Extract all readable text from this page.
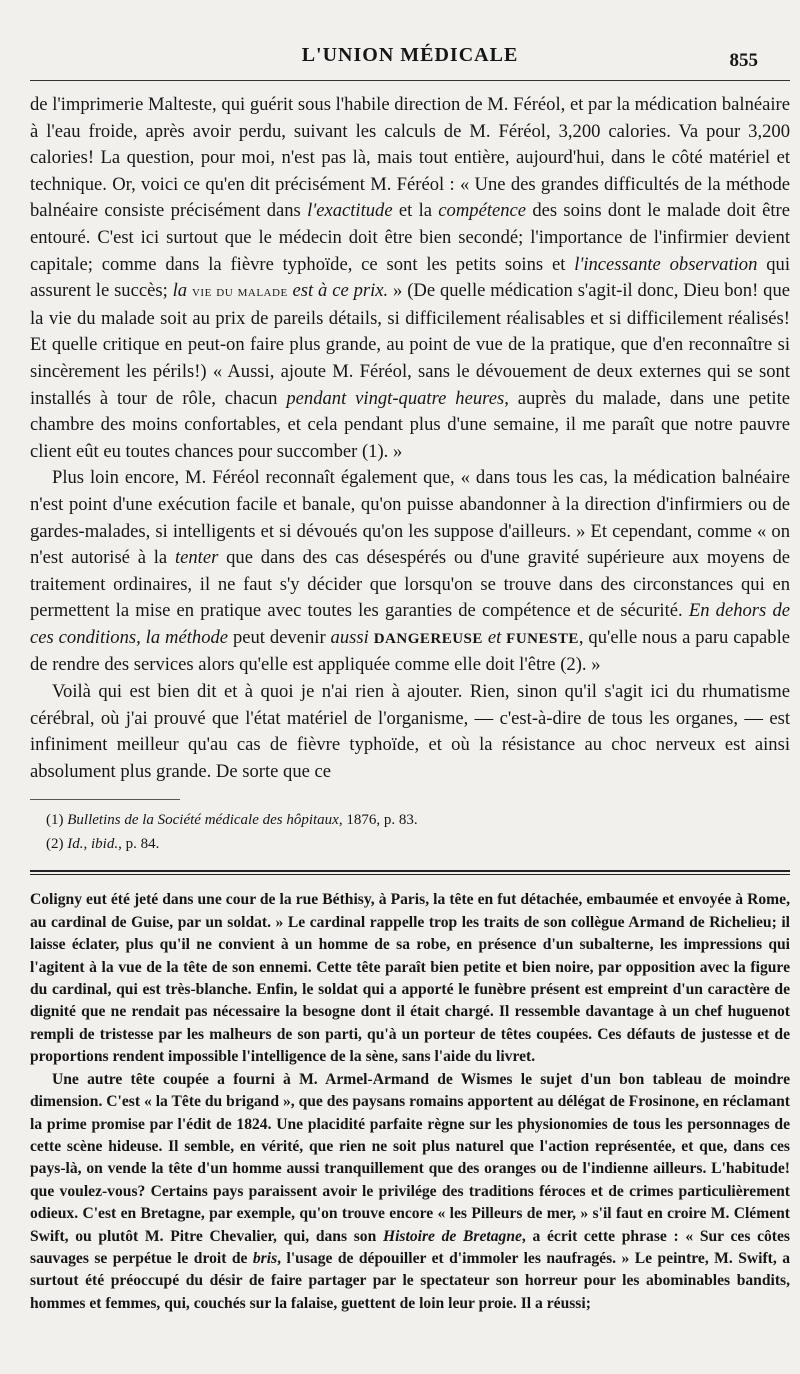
L'UNION MÉDICALE	855

de l'imprimerie Malteste, qui guérit sous l'habile direction de M. Féréol, et par la médication balnéaire à l'eau froide, après avoir perdu, suivant les calculs de M. Féréol, 3,200 calories. Va pour 3,200 calories! La question, pour moi, n'est pas là, mais tout entière, aujourd'hui, dans le côté matériel et technique. Or, voici ce qu'en dit précisément M. Féréol : « Une des grandes difficultés de la méthode balnéaire consiste précisément dans l'exactitude et la compétence des soins dont le malade doit être entouré. C'est ici surtout que le médecin doit être bien secondé; l'importance de l'infirmier devient capitale; comme dans la fièvre typhoïde, ce sont les petits soins et l'incessante observation qui assurent le succès; la vie du malade est à ce prix. » (De quelle médication s'agit-il donc, Dieu bon! que la vie du malade soit au prix de pareils détails, si difficilement réalisables et si difficilement réalisés! Et quelle critique en peut-on faire plus grande, au point de vue de la pratique, que d'en reconnaître si sincèrement les périls!) « Aussi, ajoute M. Féréol, sans le dévouement de deux externes qui se sont installés à tour de rôle, chacun pendant vingt-quatre heures, auprès du malade, dans une petite chambre des moins confortables, et cela pendant plus d'une semaine, il me paraît que notre pauvre client eût eu toutes chances pour succomber (1). »

Plus loin encore, M. Féréol reconnaît également que, « dans tous les cas, la médication balnéaire n'est point d'une exécution facile et banale, qu'on puisse abandonner à la direction d'infirmiers ou de gardes-malades, si intelligents et si dévoués qu'on les suppose d'ailleurs. » Et cependant, comme « on n'est autorisé à la tenter que dans des cas désespérés ou d'une gravité supérieure aux moyens de traitement ordinaires, il ne faut s'y décider que lorsqu'on se trouve dans des circonstances qui en permettent la mise en pratique avec toutes les garanties de compétence et de sécurité. En dehors de ces conditions, la méthode peut devenir aussi DANGEREUSE et FUNESTE, qu'elle nous a paru capable de rendre des services alors qu'elle est appliquée comme elle doit l'être (2). »

Voilà qui est bien dit et à quoi je n'ai rien à ajouter. Rien, sinon qu'il s'agit ici du rhumatisme cérébral, où j'ai prouvé que l'état matériel de l'organisme, — c'est-à-dire de tous les organes, — est infiniment meilleur qu'au cas de fièvre typhoïde, et où la résistance au choc nerveux est ainsi absolument plus grande. De sorte que ce

(1) Bulletins de la Société médicale des hôpitaux, 1876, p. 83.

(2) Id., ibid., p. 84.

Coligny eut été jeté dans une cour de la rue Béthisy, à Paris, la tête en fut détachée, embaumée et envoyée à Rome, au cardinal de Guise, par un soldat. » Le cardinal rappelle trop les traits de son collègue Armand de Richelieu; il laisse éclater, plus qu'il ne convient à un homme de sa robe, en présence d'un subalterne, les impressions qui l'agitent à la vue de la tête de son ennemi. Cette tête paraît bien petite et bien noire, par opposition avec la figure du cardinal, qui est très-blanche. Enfin, le soldat qui a apporté le funèbre présent est empreint d'un caractère de dignité que ne rendait pas nécessaire la besogne dont il était chargé. Il ressemble davantage à un chef huguenot rempli de tristesse par les malheurs de son parti, qu'à un porteur de têtes coupées. Ces défauts de justesse et de proportions rendent impossible l'intelligence de la sène, sans l'aide du livret.

Une autre tête coupée a fourni à M. Armel-Armand de Wismes le sujet d'un bon tableau de moindre dimension. C'est « la Tête du brigand », que des paysans romains apportent au délégat de Frosinone, en réclamant la prime promise par l'édit de 1824. Une placidité parfaite règne sur les physionomies de tous les personnages de cette scène hideuse. Il semble, en vérité, que rien ne soit plus naturel que l'action représentée, et que, dans ces pays-là, on vende la tête d'un homme aussi tranquillement que des oranges ou de l'indienne ailleurs. L'habitude! que voulez-vous? Certains pays paraissent avoir le privilége des traditions féroces et de crimes particulièrement odieux. C'est en Bretagne, par exemple, qu'on trouve encore « les Pilleurs de mer, » s'il faut en croire M. Clément Swift, ou plutôt M. Pitre Chevalier, qui, dans son Histoire de Bretagne, a écrit cette phrase : « Sur ces côtes sauvages se perpétue le droit de bris, l'usage de dépouiller et d'immoler les naufragés. » Le peintre, M. Swift, a surtout été préoccupé du désir de faire partager par le spectateur son horreur pour les abominables bandits, hommes et femmes, qui, couchés sur la falaise, guettent de loin leur proie. Il a réussi;
